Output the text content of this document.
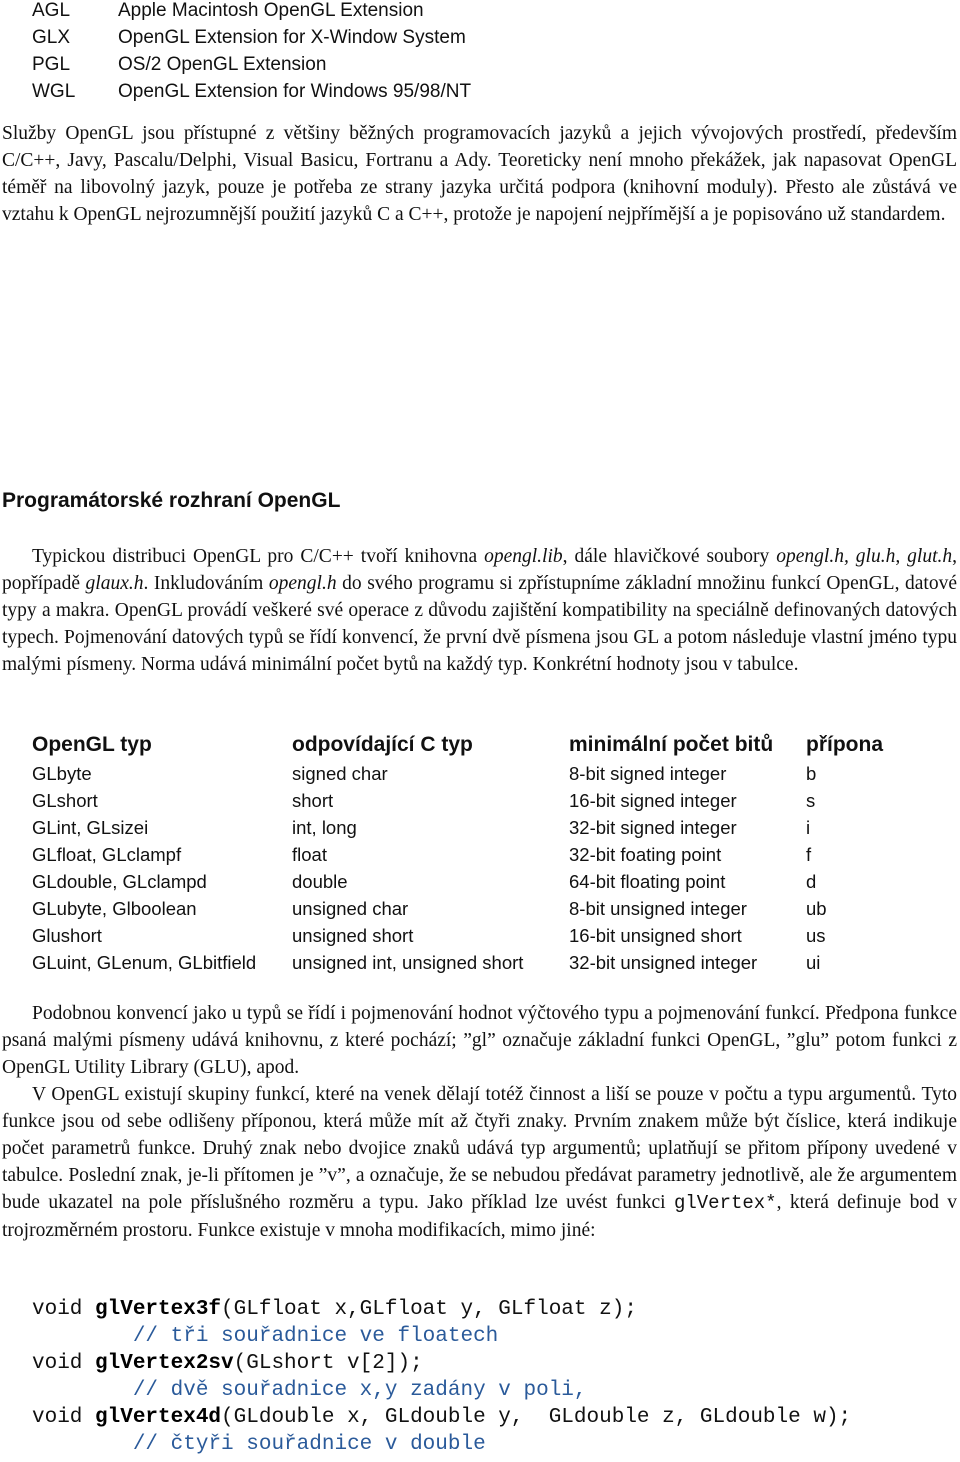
AGL	Apple Macintosh OpenGL Extension
GLX	OpenGL Extension for X-Window System
PGL	OS/2 OpenGL Extension
WGL OpenGL Extension for Windows 95/98/NT

Služby OpenGL jsou přístupné z většiny běžných programovacích jazyků a jejich vývojových prostředí, především C/C++, Javy, Pascalu/Delphi, Visual Basicu, Fortranu a Ady. Teoreticky není mnoho překážek, jak napasovat OpenGL téměř na libovolný jazyk, pouze je potřeba ze strany jazyka určitá podpora (knihovní moduly). Přesto ale zůstává ve vztahu k OpenGL nejrozumnější použití jazyků C a C++, protože je napojení nejpřímější a je popisováno už standardem.

Programátorské rozhraní OpenGL

Typickou distribuci OpenGL pro C/C++ tvoří knihovna opengl.lib, dále hlavičkové soubory opengl.h, glu.h, glut.h, popřípadě glaux.h. Inkludováním opengl.h do svého programu si zpřístupníme základní množinu funkcí OpenGL, datové typy a makra. OpenGL provádí veškeré své operace z důvodu zajištění kompatibility na speciálně definovaných datových typech. Pojmenování datových typů se řídí konvencí, že první dvě písmena jsou GL a potom následuje vlastní jméno typu malými písmeny. Norma udává minimální počet bytů na každý typ. Konkrétní hodnoty jsou v tabulce.

OpenGL typ	odpovídající C typ	minimální počet bitů	přípona
GLbyte	signed char	8-bit signed integer	b
GLshort	short	16-bit signed integer	s
GLint, GLsizei	int, long	32-bit signed integer	i
GLfloat, GLclampf	float	32-bit foating point	f
GLdouble, GLclampd	double	64-bit floating point	d
GLubyte, Glboolean	unsigned char	8-bit unsigned integer	ub
Glushort	unsigned short	16-bit unsigned short	us
GLuint, GLenum, GLbitfield	unsigned int, unsigned short	32-bit unsigned integer	ui

Podobnou konvencí jako u typů se řídí i pojmenování hodnot výčtového typu a pojmenování funkcí. Předpona funkce psaná malými písmeny udává knihovnu, z které pochází; ”gl” označuje základní funkci OpenGL, ”glu” potom funkci z OpenGL Utility Library (GLU), apod.

V OpenGL existují skupiny funkcí, které na venek dělají totéž činnost a liší se pouze v počtu a typu argumentů. Tyto funkce jsou od sebe odlišeny příponou, která může mít až čtyři znaky. Prvním znakem může být číslice, která indikuje počet parametrů funkce. Druhý znak nebo dvojice znaků udává typ argumentů; uplatňují se přitom přípony uvedené v tabulce. Poslední znak, je-li přítomen je ”v”, a označuje, že se nebudou předávat parametry jednotlivě, ale že argumentem bude ukazatel na pole příslušného rozměru a typu. Jako příklad lze uvést funkci glVertex*, která definuje bod v trojrozměrném prostoru. Funkce existuje v mnoha modifikacích, mimo jiné:

void glVertex3f(GLfloat x,GLfloat y, GLfloat z);
// tři souřadnice ve floatech
void glVertex2sv(GLshort v[2]);
// dvě souřadnice x,y zadány v poli,
void glVertex4d(GLdouble x, GLdouble y,  GLdouble z, GLdouble w);
// čtyři souřadnice v double
